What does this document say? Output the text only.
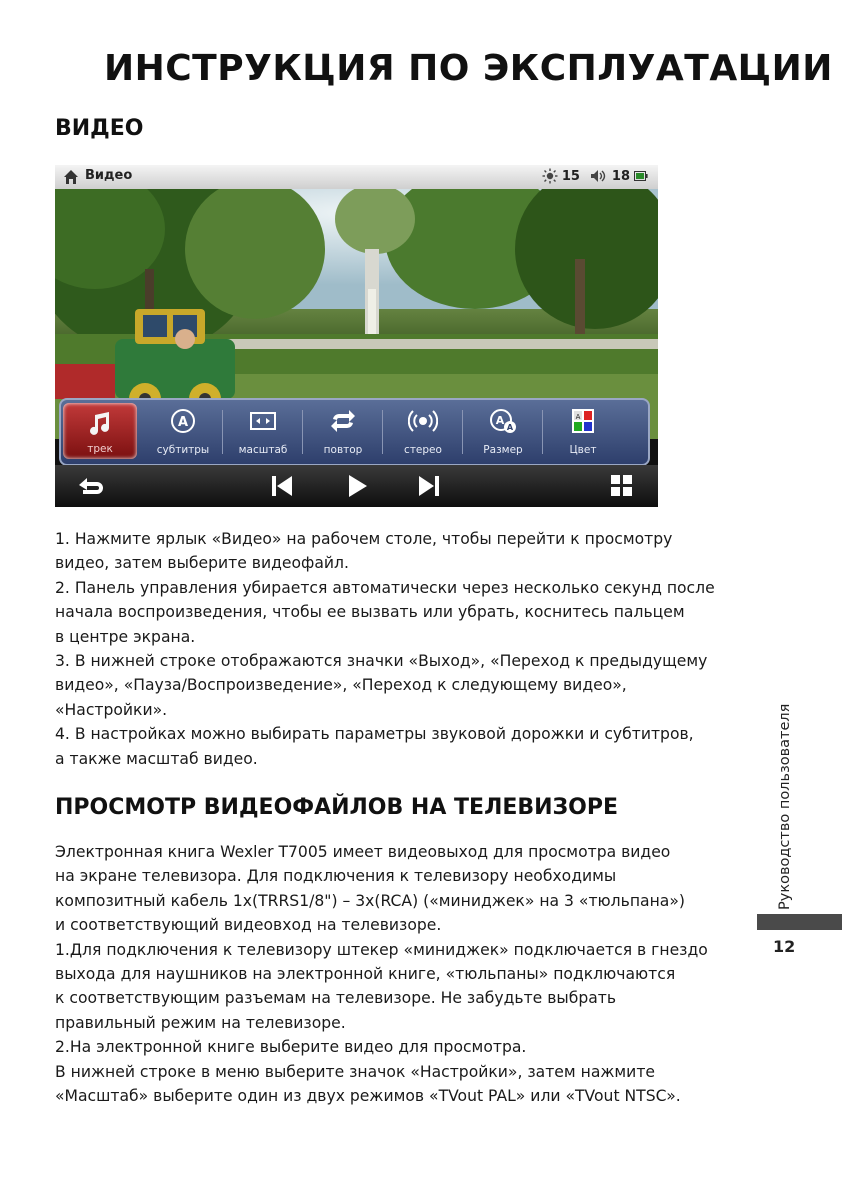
ИНСТРУКЦИЯ ПО ЭКСПЛУАТАЦИИ
ВИДЕО
Видео	15 18
трек
A
субтитры	масштаб	повтор	стерео
A
A
Размер
A
Цвет

1. Нажмите ярлык «Видео» на рабочем столе, чтобы перейти к просмотру

видео, затем выберите видеофайл.

2. Панель управления убирается автоматически через несколько секунд после

начала воспроизведения, чтобы ее вызвать или убрать, коснитесь пальцем

в центре экрана.

3. В нижней строке отображаются значки «Выход», «Переход к предыдущему

видео», «Пауза/Воспроизведение», «Переход к следующему видео»,

«Настройки».

4. В настройках можно выбирать параметры звуковой дорожки и субтитров,

а также масштаб видео.

ПРОСМОТР ВИДЕОФАЙЛОВ НА ТЕЛЕВИЗОРЕ

Электронная книга Wexler T7005 имеет видеовыход для просмотра видео

на экране телевизора. Для подключения к телевизору необходимы

композитный кабель 1х(TRRS1/8") – 3х(RCA) («миниджек» на 3 «тюльпана»)

и соответствующий видеовход на телевизоре.

1.Для подключения к телевизору штекер «миниджек» подключается в гнездо

выхода для наушников на электронной книге, «тюльпаны» подключаются

к соответствующим разъемам на телевизоре. Не забудьте выбрать

правильный режим на телевизоре.

2.На электронной книге выберите видео для просмотра.

В нижней строке в меню выберите значок «Настройки», затем нажмите

«Масштаб» выберите один из двух режимов «TVout PAL» или «TVout NTSC».

Руководство пользователя
12
